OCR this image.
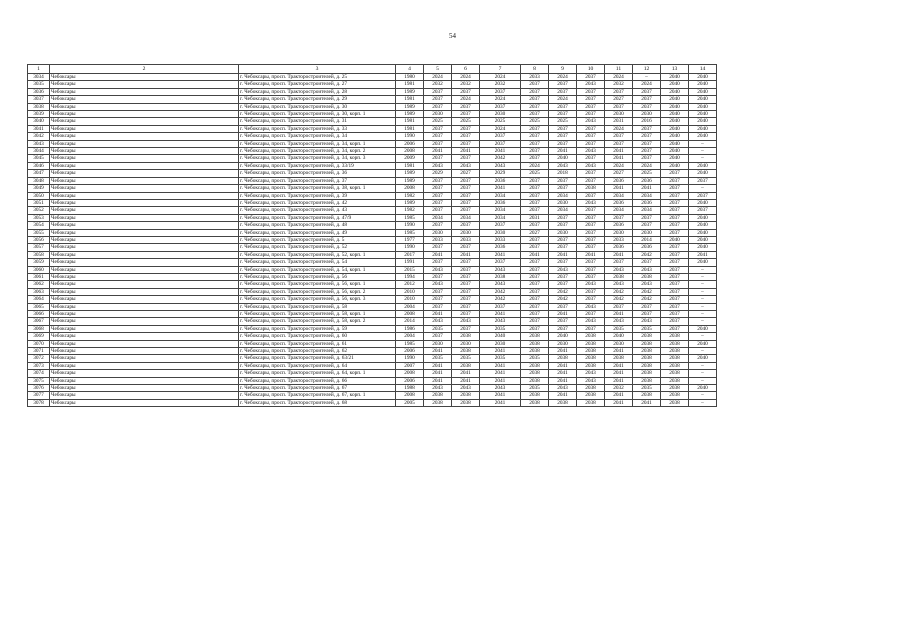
54
1	2	3	4	5	6	7	8	9	10	11	12	13	14
3034	Чебоксары	г. Чебоксары, просп. Тракторостроителей, д. 25	1980	2024	2024	2024	2033	2024	2037	2024	–	2040	2040
3035	Чебоксары	г. Чебоксары, просп. Тракторостроителей, д. 27	1981	2032	2032	2032	2037	2037	2043	2032	2024	2040	2040
3036	Чебоксары	г. Чебоксары, просп. Тракторостроителей, д. 28	1989	2037	2037	2037	2037	2037	2037	2037	2037	2040	2040
3037	Чебоксары	г. Чебоксары, просп. Тракторостроителей, д. 29	1981	2037	2024	2024	2037	2024	2037	2027	2037	2040	2040
3038	Чебоксары	г. Чебоксары, просп. Тракторостроителей, д. 30	1989	2037	2037	2037	2037	2037	2037	2037	2037	2040	2040
3039	Чебоксары	г. Чебоксары, просп. Тракторостроителей, д. 30, корп. 1	1989	2030	2037	2030	2037	2037	2037	2030	2030	2040	2040
3040	Чебоксары	г. Чебоксары, просп. Тракторостроителей, д. 31	1981	2025	2025	2025	2025	2025	2043	2031	2016	2040	2040
3041	Чебоксары	г. Чебоксары, просп. Тракторостроителей, д. 33	1981	2037	2037	2024	2037	2037	2037	2024	2037	2040	2040
3042	Чебоксары	г. Чебоксары, просп. Тракторостроителей, д. 34	1990	2037	2037	2037	2037	2037	2037	2037	2037	2040	2040
3043	Чебоксары	г. Чебоксары, просп. Тракторостроителей, д. 34, корп. 1	2006	2037	2037	2037	2037	2037	2037	2037	2037	2040	–
3044	Чебоксары	г. Чебоксары, просп. Тракторостроителей, д. 34, корп. 2	2008	2041	2041	2041	2037	2041	2043	2041	2037	2040	–
3045	Чебоксары	г. Чебоксары, просп. Тракторостроителей, д. 34, корп. 3	2009	2037	2037	2042	2037	2040	2037	2041	2037	2040	–
3046	Чебоксары	г. Чебоксары, просп. Тракторостроителей, д. 33/19	1981	2043	2043	2043	2024	2043	2043	2024	2024	2040	2040
3047	Чебоксары	г. Чебоксары, просп. Тракторостроителей, д. 36	1989	2029	2027	2029	2025	2018	2037	2027	2025	2037	2040
3048	Чебоксары	г. Чебоксары, просп. Тракторостроителей, д. 37	1989	2037	2037	2036	2037	2037	2037	2036	2036	2037	2037
3049	Чебоксары	г. Чебоксары, просп. Тракторостроителей, д. 38, корп. 1	2008	2037	2037	2041	2037	2037	2038	2041	2041	2037	–
3050	Чебоксары	г. Чебоксары, просп. Тракторостроителей, д. 39	1982	2037	2037	2034	2037	2034	2037	2034	2034	2037	2037
3051	Чебоксары	г. Чебоксары, просп. Тракторостроителей, д. 42	1989	2037	2037	2036	2037	2030	2043	2036	2036	2037	2040
3052	Чебоксары	г. Чебоксары, просп. Тракторостроителей, д. 43	1982	2037	2037	2034	2037	2034	2037	2034	2034	2037	2037
3053	Чебоксары	г. Чебоксары, просп. Тракторостроителей, д. 47/9	1985	2034	2034	2034	2031	2037	2037	2037	2037	2037	2040
3054	Чебоксары	г. Чебоксары, просп. Тракторостроителей, д. 48	1990	2037	2037	2037	2037	2037	2037	2036	2037	2037	2040
3055	Чебоксары	г. Чебоксары, просп. Тракторостроителей, д. 49	1985	2030	2030	2030	2027	2030	2037	2030	2030	2037	2040
3056	Чебоксары	г. Чебоксары, просп. Тракторостроителей, д. 5	1977	2033	2033	2033	2037	2037	2037	2033	2014	2040	2040
3057	Чебоксары	г. Чебоксары, просп. Тракторостроителей, д. 52	1990	2037	2037	2036	2037	2037	2037	2036	2036	2037	2040
3058	Чебоксары	г. Чебоксары, просп. Тракторостроителей, д. 52, корп. 1	2017	2041	2041	2041	2041	2041	2041	2041	2042	2037	2041
3059	Чебоксары	г. Чебоксары, просп. Тракторостроителей, д. 54	1991	2037	2037	2037	2037	2037	2037	2037	2037	2037	2040
3060	Чебоксары	г. Чебоксары, просп. Тракторостроителей, д. 54, корп. 1	2015	2043	2037	2043	2037	2043	2037	2043	2043	2037	–
3061	Чебоксары	г. Чебоксары, просп. Тракторостроителей, д. 56	1994	2037	2037	2038	2037	2037	2037	2038	2038	2037	–
3062	Чебоксары	г. Чебоксары, просп. Тракторостроителей, д. 56, корп. 1	2012	2043	2037	2043	2037	2037	2043	2043	2043	2037	–
3063	Чебоксары	г. Чебоксары, просп. Тракторостроителей, д. 56, корп. 2	2010	2037	2037	2042	2037	2042	2037	2042	2042	2037	–
3064	Чебоксары	г. Чебоксары, просп. Тракторостроителей, д. 56, корп. 3	2010	2037	2037	2042	2037	2042	2037	2042	2042	2037	–
3065	Чебоксары	г. Чебоксары, просп. Тракторостроителей, д. 58	2004	2037	2037	2037	2037	2037	2043	2037	2037	2037	–
3066	Чебоксары	г. Чебоксары, просп. Тракторостроителей, д. 58, корп. 1	2008	2041	2037	2041	2037	2041	2037	2041	2037	2037	–
3067	Чебоксары	г. Чебоксары, просп. Тракторостроителей, д. 58, корп. 2	2014	2043	2043	2043	2037	2037	2043	2043	2043	2037	–
3068	Чебоксары	г. Чебоксары, просп. Тракторостроителей, д. 59	1986	2035	2037	2035	2037	2037	2037	2035	2035	2037	2040
3069	Чебоксары	г. Чебоксары, просп. Тракторостроителей, д. 60	2004	2037	2038	2040	2038	2040	2038	2040	2038	2038	–
3070	Чебоксары	г. Чебоксары, просп. Тракторостроителей, д. 61	1985	2030	2030	2030	2038	2030	2038	2030	2038	2038	2040
3071	Чебоксары	г. Чебоксары, просп. Тракторостроителей, д. 62	2006	2041	2038	2041	2038	2041	2038	2041	2038	2038	–
3072	Чебоксары	г. Чебоксары, просп. Тракторостроителей, д. 63/21	1990	2035	2035	2035	2035	2038	2038	2038	2038	2038	2040
3073	Чебоксары	г. Чебоксары, просп. Тракторостроителей, д. 64	2007	2041	2038	2041	2038	2041	2038	2041	2038	2038	–
3074	Чебоксары	г. Чебоксары, просп. Тракторостроителей, д. 64, корп. 1	2008	2041	2041	2041	2038	2041	2043	2041	2038	2038	–
3075	Чебоксары	г. Чебоксары, просп. Тракторостроителей, д. 66	2006	2041	2041	2041	2038	2041	2043	2041	2038	2038	–
3076	Чебоксары	г. Чебоксары, просп. Тракторостроителей, д. 67	1988	2043	2043	2043	2035	2043	2038	2032	2035	2038	2040
3077	Чебоксары	г. Чебоксары, просп. Тракторостроителей, д. 67, корп. 1	2008	2038	2038	2041	2038	2041	2038	2041	2038	2038	–
3078	Чебоксары	г. Чебоксары, просп. Тракторостроителей, д. 68	2005	2038	2038	2041	2038	2038	2038	2041	2041	2038	–
